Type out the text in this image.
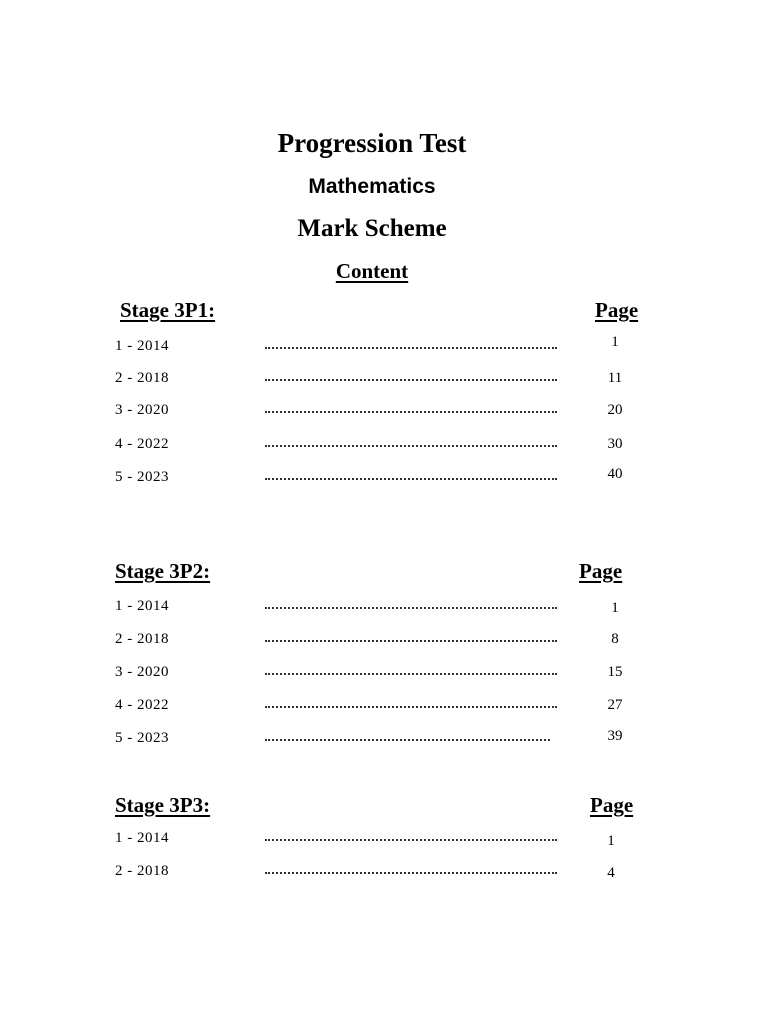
Progression Test
Mathematics
Mark Scheme
Content
Stage 3P1:	Page
1 - 2014	1
2 - 2018	11
3 - 2020	20
4 - 2022	30
5 - 2023	40
Stage 3P2:	Page
1 - 2014	1
2 - 2018	8
3 - 2020	15
4 - 2022	27
5 - 2023	39
Stage 3P3:	Page
1 - 2014	1
2 - 2018	4
